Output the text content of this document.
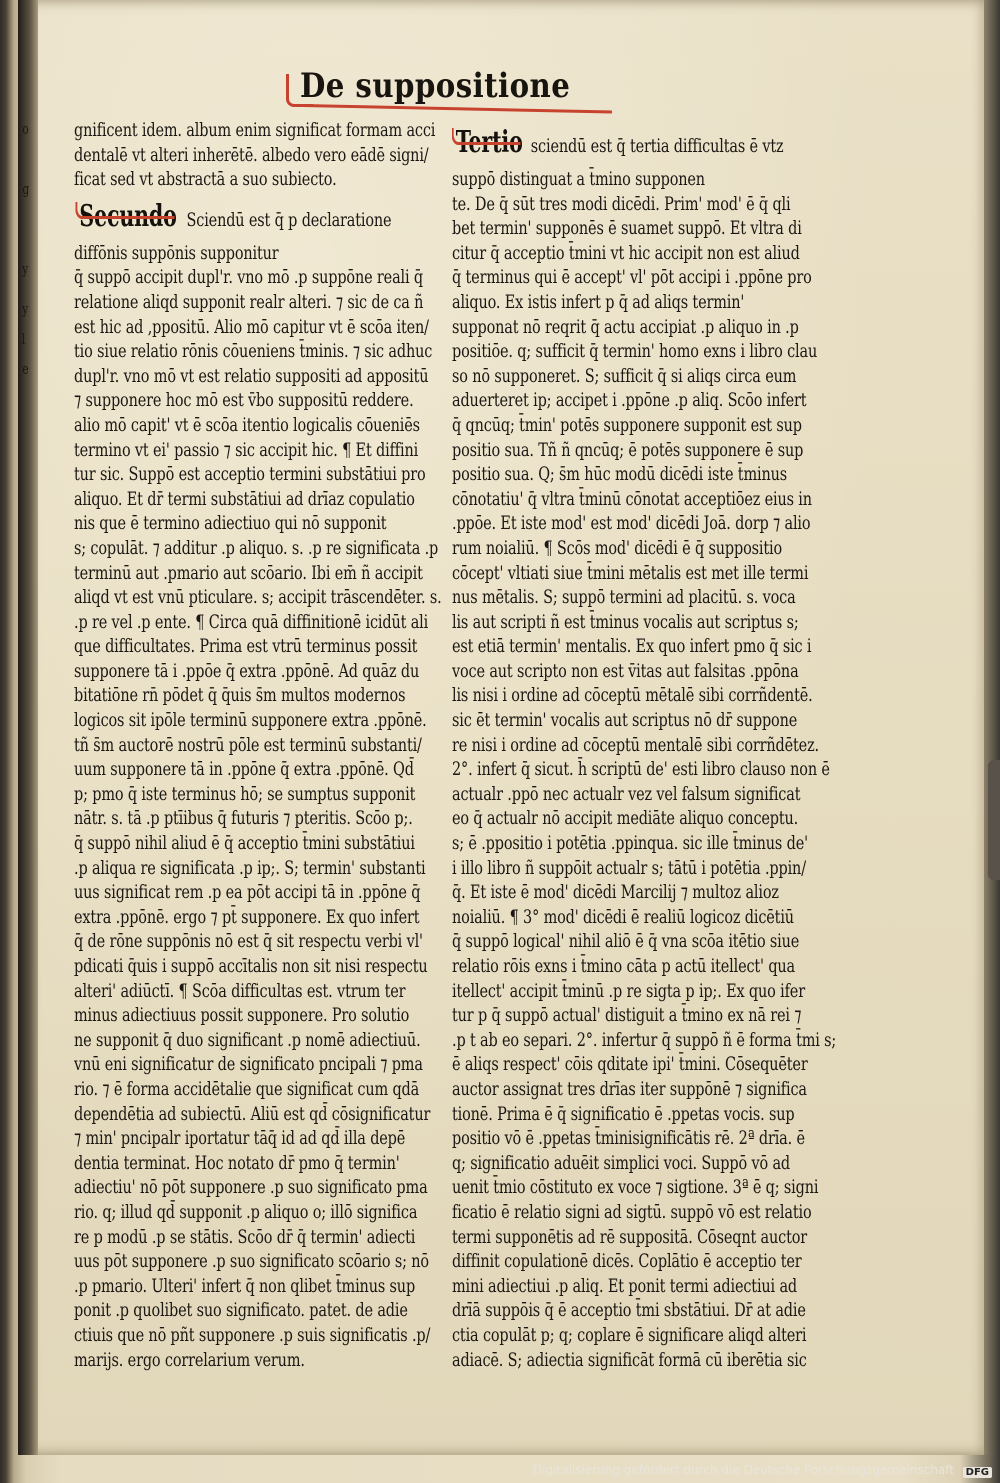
o
g
y
y
l
e
De suppositione
gnificent idem. album enim significat formam acci
dentalē vt alteri inherētē. albedo vero eādē signi/
ficat sed vt abstractā a suo subiecto.
Secundo Sciendū est q̄ p declaratione
diffōnis suppōnis supponitur
q̄ suppō accipit dupl'r. vno mō .p suppōne reali q̄
relatione aliqd supponit realr alteri. ⁊ sic de ca ñ
est hic ad ,ppositū. Alio mō capitur vt ē scōa iten/
tio siue relatio rōnis cōueniens t̄minis. ⁊ sic adhuc
dupl'r. vno mō vt est relatio suppositi ad appositū
⁊ supponere hoc mō est v̄bo suppositū reddere.
alio mō capit' vt ē scōa itentio logicalis cōueniēs
termino vt ei' passio ⁊ sic accipit hic. ¶ Et diffini
tur sic. Suppō est acceptio termini substātiui pro
aliquo. Et dr̄ termi substātiui ad drīaz copulatio
nis que ē termino adiectiuo qui nō supponit
s; copulāt. ⁊ additur .p aliquo. s. .p re significata .p
terminū aut .pmario aut scōario. Ibi em̄ ñ accipit
aliqd vt est vnū pticulare. s; accipit trāscendēter. s.
.p re vel .p ente. ¶ Circa quā diffinitionē icidūt ali
que difficultates. Prima est vtrū terminus possit
supponere tā i .ppōe q̄ extra .ppōnē. Ad quāz du
bitatiōne rn̄ pōdet q̄ q̄uis s̄m multos modernos
logicos sit ipōle terminū supponere extra .ppōnē.
tñ s̄m auctorē nostrū pōle est terminū substanti/
uum supponere tā in .ppōne q̄ extra .ppōnē. Qd̄
p; pmo q̄ iste terminus hō; se sumptus supponit
nātr. s. tā .p ptīibus q̄ futuris ⁊ pteritis. Scōo p;.
q̄ suppō nihil aliud ē q̄ acceptio t̄mini substātiui
.p aliqua re significata .p ip;. S; termin' substanti
uus significat rem .p ea pōt accipi tā in .ppōne q̄
extra .ppōnē. ergo ⁊ pt̄ supponere. Ex quo infert
q̄ de rōne suppōnis nō est q̄ sit respectu verbi vl'
pdicati q̄uis i suppō accītalis non sit nisi respectu
alteri' adiūctī. ¶ Scōa difficultas est. vtrum ter
minus adiectiuus possit supponere. Pro solutio
ne supponit q̄ duo significant .p nomē adiectiuū.
vnū eni significatur de significato pncipali ⁊ pma
rio. ⁊ ē forma accidētalie que significat cum qdā
dependētia ad subiectū. Aliū est qd̄ cōsignificatur
⁊ min' pncipalr iportatur tāq̄ id ad qd̄ illa depē
dentia terminat. Hoc notato dr̄ pmo q̄ termin'
adiectiu' nō pōt supponere .p suo significato pma
rio. q; illud qd̄ supponit .p aliquo o; illō significa
re p modū .p se stātis. Scōo dr̄ q̄ termin' adiecti
uus pōt supponere .p suo significato scōario s; nō
.p pmario. Ulteri' infert q̄ non qlibet t̄minus sup
ponit .p quolibet suo significato. patet. de adie
ctiuis que nō pñt supponere .p suis significatis .p/
marijs. ergo correlarium verum.
Tertio sciendū est q̄ tertia difficultas ē vtz
suppō distinguat a t̄mino supponen
te. De q̄ sūt tres modi dicēdi. Prim' mod' ē q̄ qli
bet termin' supponēs ē suamet suppō. Et vltra di
citur q̄ acceptio t̄mini vt hic accipit non est aliud
q̄ terminus qui ē accept' vl' pōt accipi i .ppōne pro
aliquo. Ex istis infert p q̄ ad aliqs termin'
supponat nō reqrit q̄ actu accipiat .p aliquo in .p
positiōe. q; sufficit q̄ termin' homo exns i libro clau
so nō supponeret. S; sufficit q̄ si aliqs circa eum
aduerteret ip; accipet i .ppōne .p aliq. Scōo infert
q̄ qncūq; t̄min' potēs supponere supponit est sup
positio sua. Tñ ñ qncūq; ē potēs supponere ē sup
positio sua. Q; s̄m hūc modū dicēdi iste t̄minus
cōnotatiu' q̄ vltra t̄minū cōnotat acceptiōez eius in
.ppōe. Et iste mod' est mod' dicēdi Joā. dorp ⁊ alio
rum noialiū. ¶ Scōs mod' dicēdi ē q̄ suppositio
cōcept' vltiati siue t̄mini mētalis est met ille termi
nus mētalis. S; suppō termini ad placitū. s. voca
lis aut scripti ñ est t̄minus vocalis aut scriptus s;
est etiā termin' mentalis. Ex quo infert pmo q̄ sic i
voce aut scripto non est v̄itas aut falsitas .ppōna
lis nisi i ordine ad cōceptū mētalē sibi corrñdentē.
sic ēt termin' vocalis aut scriptus nō dr̄ suppone
re nisi i ordine ad cōceptū mentalē sibi corrñdētez.
2°. infert q̄ sicut. h̄ scriptū de' esti libro clauso non ē
actualr .ppō nec actualr vez vel falsum significat
eo q̄ actualr nō accipit mediāte aliquo conceptu.
s; ē .ppositio i potētia .ppinqua. sic ille t̄minus de'
i illo libro ñ suppōit actualr s; tātū i potētia .ppin/
q̄. Et iste ē mod' dicēdi Marcilij ⁊ multoz alioz
noialiū. ¶ 3° mod' dicēdi ē realiū logicoz dicētiū
q̄ suppō logical' nihil aliō ē q̄ vna scōa itētio siue
relatio rōis exns i t̄mino cāta p actū itellect' qua
itellect' accipit t̄minū .p re sigta p ip;. Ex quo ifer
tur p q̄ suppō actual' distiguit a t̄mino ex nā rei ⁊
.p t ab eo separi. 2°. infertur q̄ suppō ñ ē forma t̄mi s;
ē aliqs respect' cōis qditate ipi' t̄mini. Cōsequēter
auctor assignat tres drīas iter suppōnē ⁊ significa
tionē. Prima ē q̄ significatio ē .ppetas vocis. sup
positio vō ē .ppetas t̄minisignificātis rē. 2ª drīa. ē
q; significatio aduēit simplici voci. Suppō vō ad
uenit t̄mio cōstituto ex voce ⁊ sigtione. 3ª ē q; signi
ficatio ē relatio signi ad sigtū. suppō vō est relatio
termi supponētis ad rē suppositā. Cōseqnt auctor
diffinit copulationē dicēs. Coplātio ē acceptio ter
mini adiectiui .p aliq. Et ponit termi adiectiui ad
drīā suppōis q̄ ē acceptio t̄mi sbstātiui. Dr̄ at adie
ctia copulāt p; q; coplare ē significare aliqd alteri
adiacē. S; adiectia significāt formā cū iberētia sic
Digitalisierung gefördert durch die Deutsche Forschungsgemeinschaft	DFG
